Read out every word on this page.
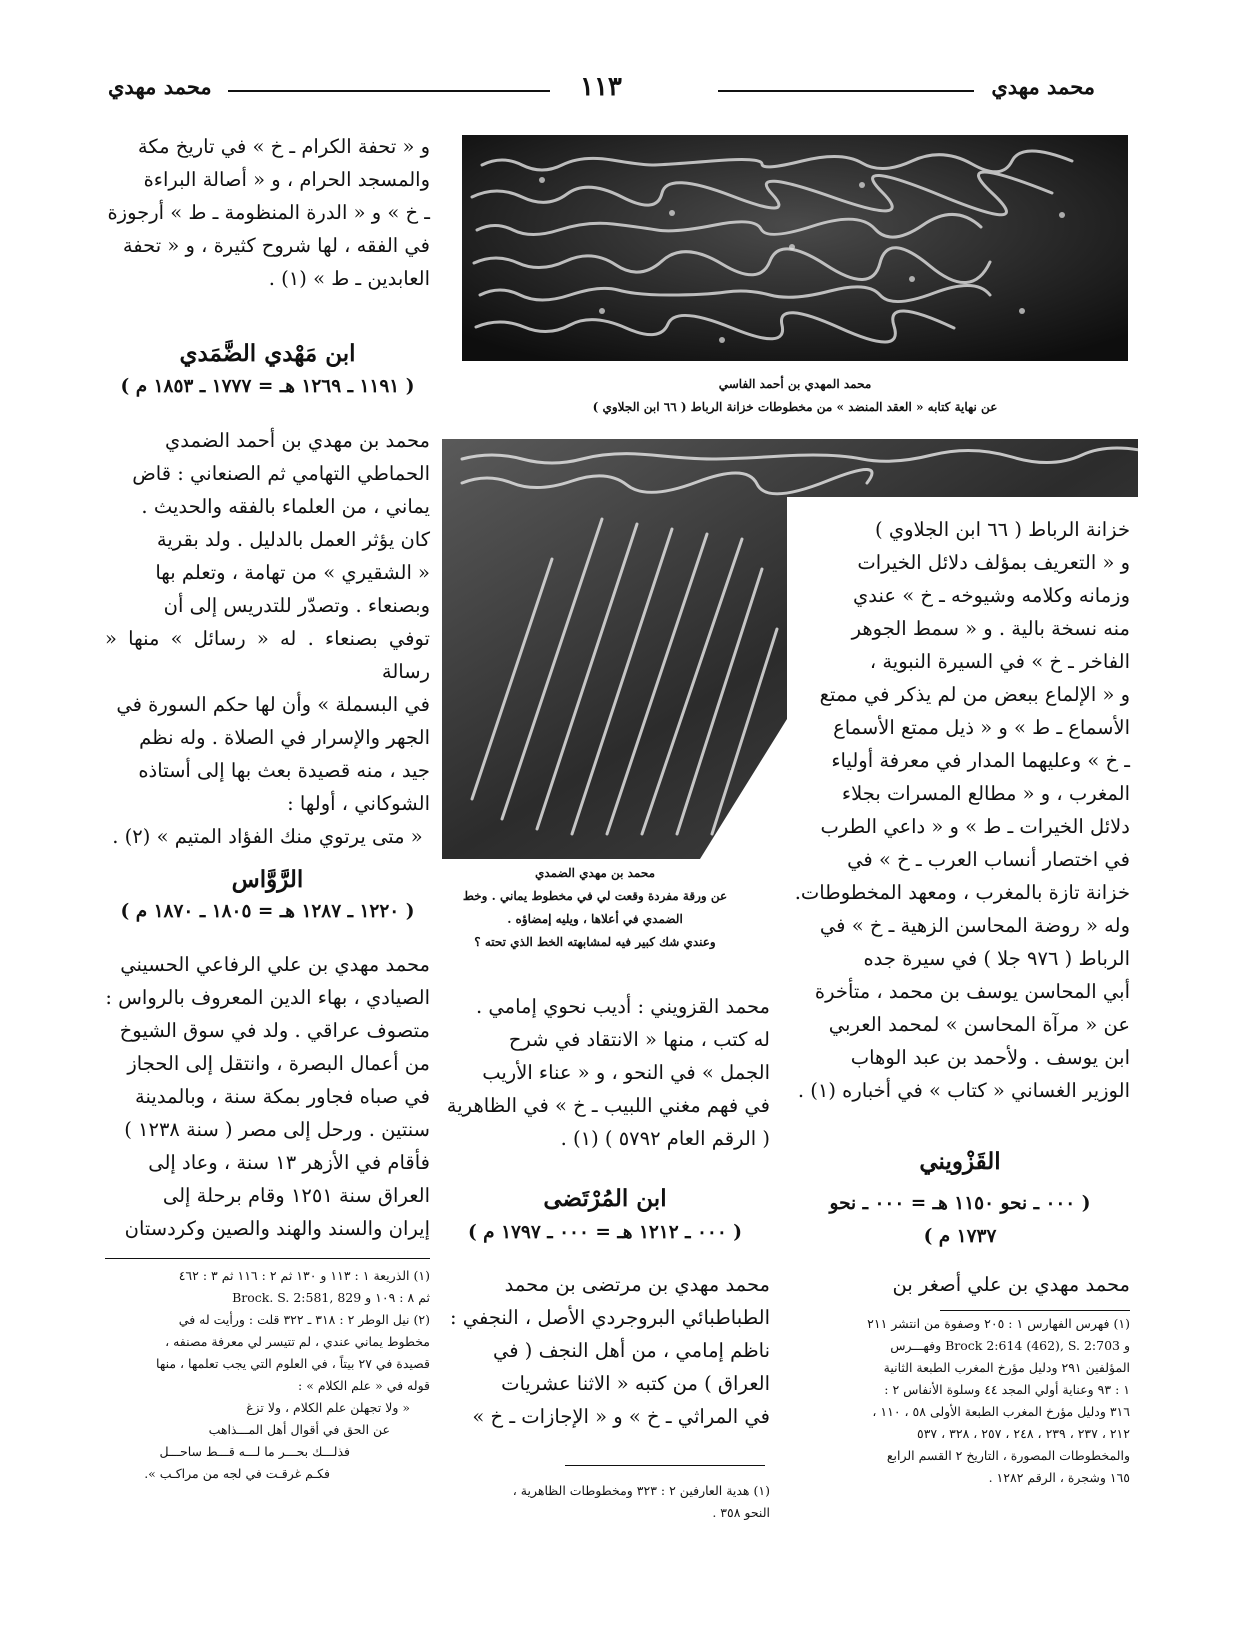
محمد مهدي
١١٣
محمد مهدي
محمد المهدي بن أحمد الفاسي
عن نهاية كتابه « العقد المنضد » من مخطوطات خزانة الرباط ( ٦٦ ابن الجلاوي )
محمد بن مهدي الضمدي
عن ورقة مفردة وقعت لي في مخطوط يماني . وخط
الضمدي في أعلاها ، ويليه إمضاؤه .
وعندي شك كبير فيه لمشابهته الخط الذي تحته ؟

خزانة الرباط ( ٦٦ ابن الجلاوي )

و « التعريف بمؤلف دلائل الخيرات

وزمانه وكلامه وشيوخه ـ خ » عندي

منه نسخة بالية . و « سمط الجوهر

الفاخر ـ خ » في السيرة النبوية ،

و « الإلماع ببعض من لم يذكر في ممتع

الأسماع ـ ط » و « ذيل ممتع الأسماع

ـ خ » وعليهما المدار في معرفة أولياء

المغرب ، و « مطالع المسرات بجلاء

دلائل الخيرات ـ ط » و « داعي الطرب

في اختصار أنساب العرب ـ خ » في

خزانة تازة بالمغرب ، ومعهد المخطوطات.

وله « روضة المحاسن الزهية ـ خ » في

الرباط ( ٩٧٦ جلا ) في سيرة جده

أبي المحاسن يوسف بن محمد ، متأخرة

عن « مرآة المحاسن » لمحمد العربي

ابن يوسف . ولأحمد بن عبد الوهاب

الوزير الغساني « كتاب » في أخباره (١) .

القَزْويني
( ٠٠٠ ـ نحو ١١٥٠ هـ = ٠٠٠ ـ نحو
١٧٣٧ م )
محمد مهدي بن علي أصغر بن

(١) فهرس الفهارس ١ : ٢٠٥ وصفوة من انتشر ٢١١

و Brock 2:614 (462), S. 2:703 وفهـــرس

المؤلفين ٢٩١ ودليل مؤرخ المغرب الطبعة الثانية

١ : ٩٣ وعناية أولي المجد ٤٤ وسلوة الأنفاس ٢ :

٣١٦ ودليل مؤرخ المغرب الطبعة الأولى ٥٨ ، ١١٠ ،

٢١٢ ، ٢٣٧ ، ٢٣٩ ، ٢٤٨ ، ٢٥٧ ، ٣٢٨ ، ٥٣٧

والمخطوطات المصورة ، التاريخ ٢ القسم الرابع

١٦٥ وشجرة ، الرقم ١٢٨٢ .

محمد القزويني : أديب نحوي إمامي .

له كتب ، منها « الانتقاد في شرح

الجمل » في النحو ، و « عناء الأريب

في فهم مغني اللبيب ـ خ » في الظاهرية

( الرقم العام ٥٧٩٢ ) (١) .

ابن المُرْتَضى
( ٠٠٠ ـ ١٢١٢ هـ = ٠٠٠ ـ ١٧٩٧ م )

محمد مهدي بن مرتضى بن محمد

الطباطبائي البروجردي الأصل ، النجفي :

ناظم إمامي ، من أهل النجف ( في

العراق ) من كتبه « الاثنا عشريات

في المراثي ـ خ » و « الإجازات ـ خ »

(١) هدية العارفين ٢ : ٣٢٣ ومخطوطات الظاهرية ،

النحو ٣٥٨ .

و « تحفة الكرام ـ خ » في تاريخ مكة

والمسجد الحرام ، و « أصالة البراءة

ـ خ » و « الدرة المنظومة ـ ط » أرجوزة

في الفقه ، لها شروح كثيرة ، و « تحفة

العابدين ـ ط » (١) .

ابن مَهْدي الضَّمَدي
( ١١٩١ ـ ١٢٦٩ هـ = ١٧٧٧ ـ ١٨٥٣ م )

محمد بن مهدي بن أحمد الضمدي

الحماطي التهامي ثم الصنعاني : قاض

يماني ، من العلماء بالفقه والحديث .

كان يؤثر العمل بالدليل . ولد بقرية

« الشقيري » من تهامة ، وتعلم بها

وبصنعاء . وتصدّر للتدريس إلى أن

توفي بصنعاء . له « رسائل » منها « رسالة

في البسملة » وأن لها حكم السورة في

الجهر والإسرار في الصلاة . وله نظم

جيد ، منه قصيدة بعث بها إلى أستاذه

الشوكاني ، أولها :

« متى يرتوي منك الفؤاد المتيم » (٢) .

الرَّوَّاس
( ١٢٢٠ ـ ١٢٨٧ هـ = ١٨٠٥ ـ ١٨٧٠ م )

محمد مهدي بن علي الرفاعي الحسيني

الصيادي ، بهاء الدين المعروف بالرواس :

متصوف عراقي . ولد في سوق الشيوخ

من أعمال البصرة ، وانتقل إلى الحجاز

في صباه فجاور بمكة سنة ، وبالمدينة

سنتين . ورحل إلى مصر ( سنة ١٢٣٨ )

فأقام في الأزهر ١٣ سنة ، وعاد إلى

العراق سنة ١٢٥١ وقام برحلة إلى

إيران والسند والهند والصين وكردستان

(١) الذريعة ١ : ١١٣ و ١٣٠ ثم ٢ : ١١٦ ثم ٣ : ٤٦٢

ثم ٨ : ١٠٩ و Brock. S. 2:581, 829

(٢) نيل الوطر ٢ : ٣١٨ ـ ٣٢٢ قلت : ورأيت له في

مخطوط يماني عندي ، لم تتيسر لي معرفة مصنفه ،

قصيدة في ٢٧ بيتاً ، في العلوم التي يجب تعلمها ، منها

قوله في « علم الكلام » :

« ولا تجهلن علم الكلام ، ولا تزغ

عن الحق في أقوال أهل المـــذاهب

فذلـــك بحـــر ما لـــه قـــط ساحـــل

فكـم غرقـت في لجه من مراكـب ».
